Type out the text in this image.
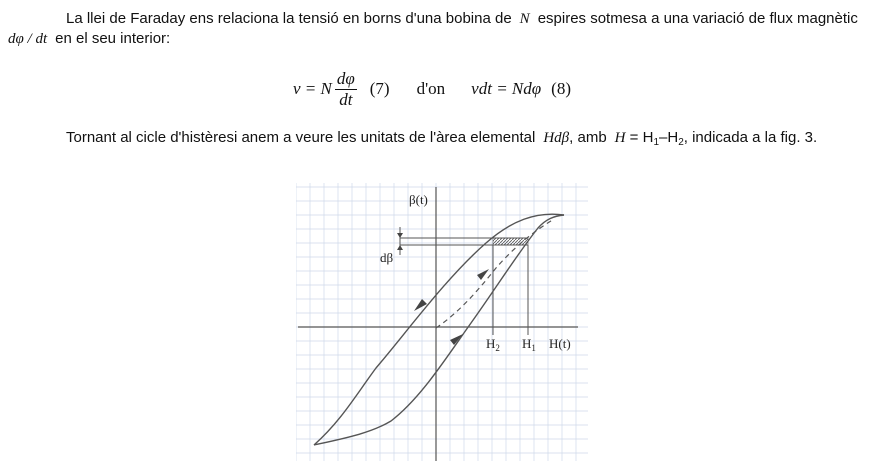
La llei de Faraday ens relaciona la tensió en borns d'una bobina de N espires sotmesa a una variació de flux magnèticdφ / dt en el seu interior:

v = N $\frac{d\varphi}{dt} (7)$ d'on vdt = Ndφ (8)

Tornant al cicle d'histèresi anem a veure les unitats de l'àrea elemental Hdβ, amb $H = H_1-H_2$, indicada a la fig. 3.

β(t)
dβ
$H_2$ $H_1$ H(t)
